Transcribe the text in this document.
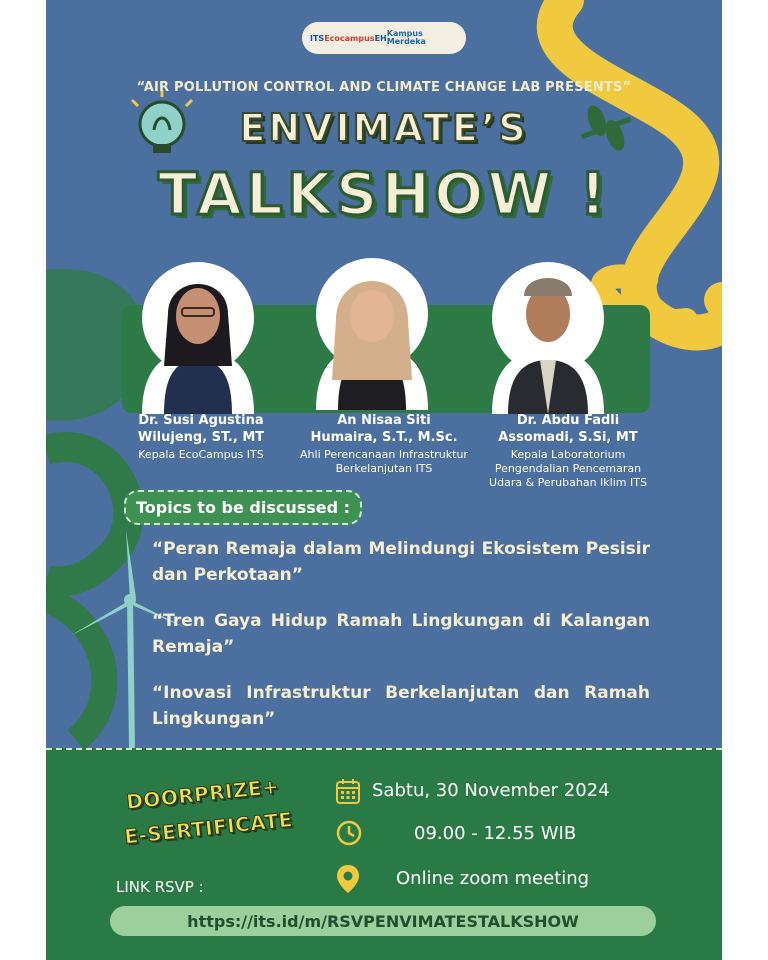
ITS Ecocampus EH Kampus Merdeka
“AIR POLLUTION CONTROL AND CLIMATE CHANGE LAB PRESENTS”
ENVIMATE’S
TALKSHOW !
Dr. Susi Agustina
Wilujeng, ST., MT
Kepala EcoCampus ITS
An Nisaa Siti
Humaira, S.T., M.Sc.
Ahli Perencanaan Infrastruktur
Berkelanjutan ITS
Dr. Abdu Fadli
Assomadi, S.Si, MT
Kepala Laboratorium
Pengendalian Pencemaran
Udara & Perubahan Iklim ITS
Topics to be discussed :
“Peran Remaja dalam Melindungi Ekosistem Pesisir dan Perkotaan”
“Tren Gaya Hidup Ramah Lingkungan di Kalangan Remaja”
“Inovasi Infrastruktur Berkelanjutan dan Ramah Lingkungan”
DOORPRIZE+
E-SERTIFICATE
Sabtu, 30 November 2024
09.00 - 12.55 WIB
Online zoom meeting
LINK RSVP :
https://its.id/m/RSVPENVIMATESTALKSHOW
